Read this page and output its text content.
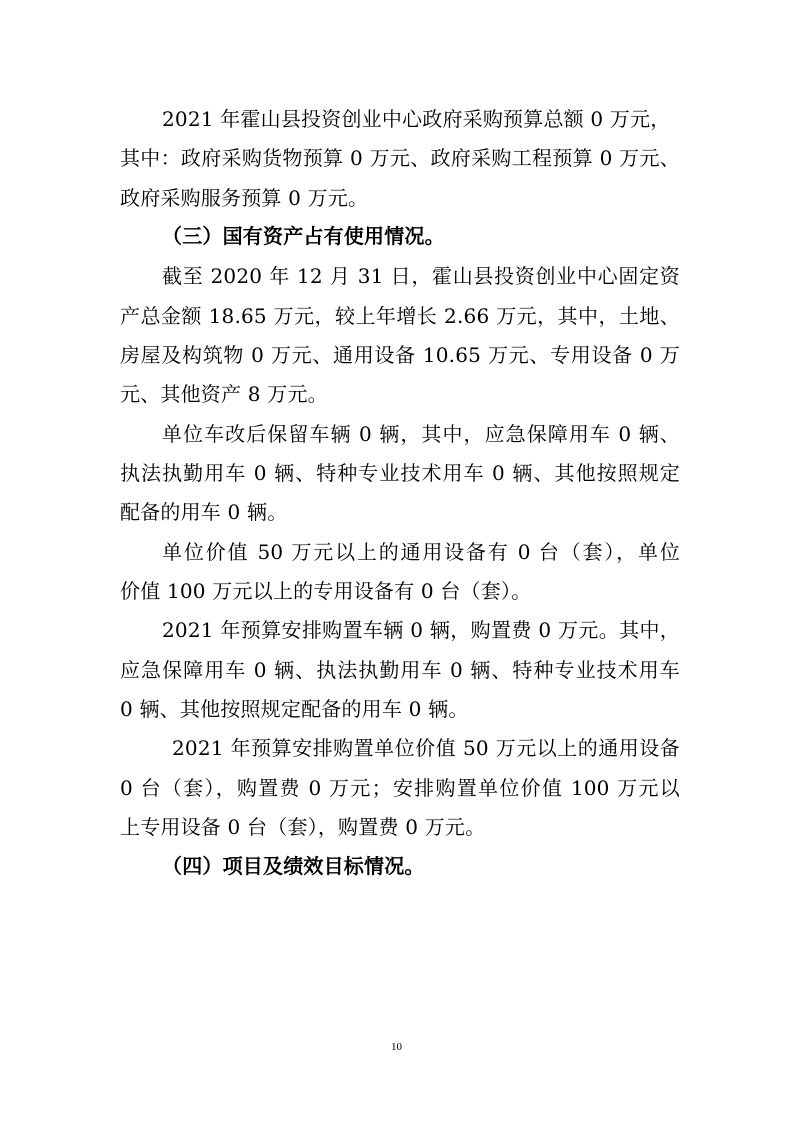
2021 年霍山县投资创业中心政府采购预算总额 0 万元，
其中：政府采购货物预算 0 万元、政府采购工程预算 0 万元、
政府采购服务预算 0 万元。
（三）国有资产占有使用情况。
截至 2020 年 12 月 31 日，霍山县投资创业中心固定资
产总金额 18.65 万元，较上年增长 2.66 万元，其中，土地、
房屋及构筑物 0 万元、通用设备 10.65 万元、专用设备 0 万
元、其他资产 8 万元。
单位车改后保留车辆 0 辆，其中，应急保障用车 0 辆、
执法执勤用车 0 辆、特种专业技术用车 0 辆、其他按照规定
配备的用车 0 辆。
单位价值 50 万元以上的通用设备有 0 台（套），单位
价值 100 万元以上的专用设备有 0 台（套）。
2021 年预算安排购置车辆 0 辆，购置费 0 万元。其中，
应急保障用车 0 辆、执法执勤用车 0 辆、特种专业技术用车
0 辆、其他按照规定配备的用车 0 辆。
2021 年预算安排购置单位价值 50 万元以上的通用设备
0 台（套），购置费 0 万元；安排购置单位价值 100 万元以
上专用设备 0 台（套），购置费 0 万元。
（四）项目及绩效目标情况。
10
